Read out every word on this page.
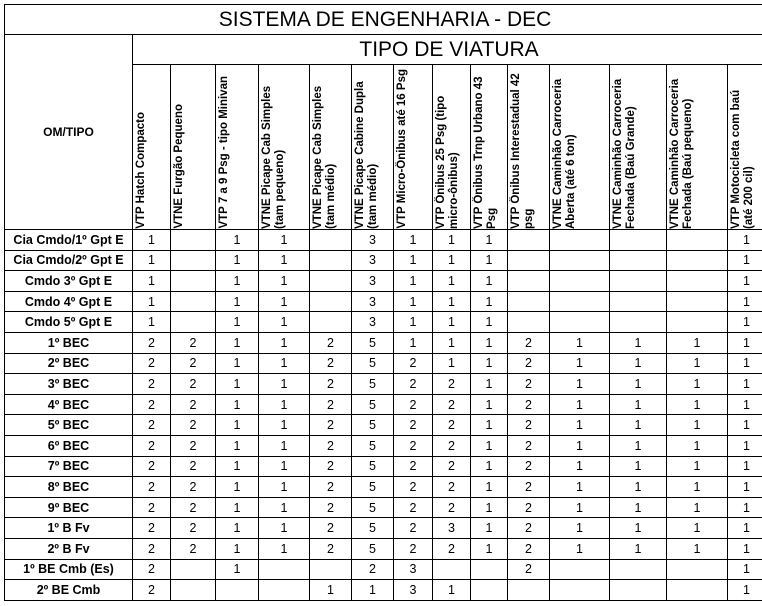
SISTEMA DE ENGENHARIA - DEC														
OM/TIPO	TIPO DE VIATURA													

	VTP Hatch Compacto	VTNE Furgão Pequeno	VTP 7 a 9 Psg - tipo Minivan	VTNE Picape Cab Simples (tam pequeno)	VTNE Picape Cab Simples (tam médio)	VTNE Picape Cabine Dupla (tam médio)	VTP Micro-Ônibus até 16 Psg	VTP Ônibus 25 Psg (tipo micro-ônibus)	VTP Ônibus Trnp Urbano 43 Psg	VTP Ônibus Interestadual 42 psg	VTNE Caminhão Carroceria Aberta (até 6 ton)	VTNE Caminhão Carroceria Fechada (Baú Grande)	VTNE Caminhão Carroceria Fechada (Baú pequeno)	VTP Motocicleta com baú (até 200 cil)

Cia Cmdo/1º Gpt E	1		1	1		3	1	1	1					1
Cia Cmdo/2º Gpt E	1		1	1		3	1	1	1					1
Cmdo 3º Gpt E	1		1	1		3	1	1	1					1
Cmdo 4º Gpt E	1		1	1		3	1	1	1					1
Cmdo 5º Gpt E	1		1	1		3	1	1	1					1
1º BEC	2	2	1	1	2	5	1	1	1	2	1	1	1	1
2º BEC	2	2	1	1	2	5	2	1	1	2	1	1	1	1
3º BEC	2	2	1	1	2	5	2	2	1	2	1	1	1	1
4º BEC	2	2	1	1	2	5	2	2	1	2	1	1	1	1
5º BEC	2	2	1	1	2	5	2	2	1	2	1	1	1	1
6º BEC	2	2	1	1	2	5	2	2	1	2	1	1	1	1
7º BEC	2	2	1	1	2	5	2	2	1	2	1	1	1	1
8º BEC	2	2	1	1	2	5	2	2	1	2	1	1	1	1
9º BEC	2	2	1	1	2	5	2	2	1	2	1	1	1	1
1º B Fv	2	2	1	1	2	5	2	3	1	2	1	1	1	1
2º B Fv	2	2	1	1	2	5	2	2	1	2	1	1	1	1
1º BE Cmb (Es)	2		1			2	3			2				1
2º BE Cmb	2				1	1	3	1						1
